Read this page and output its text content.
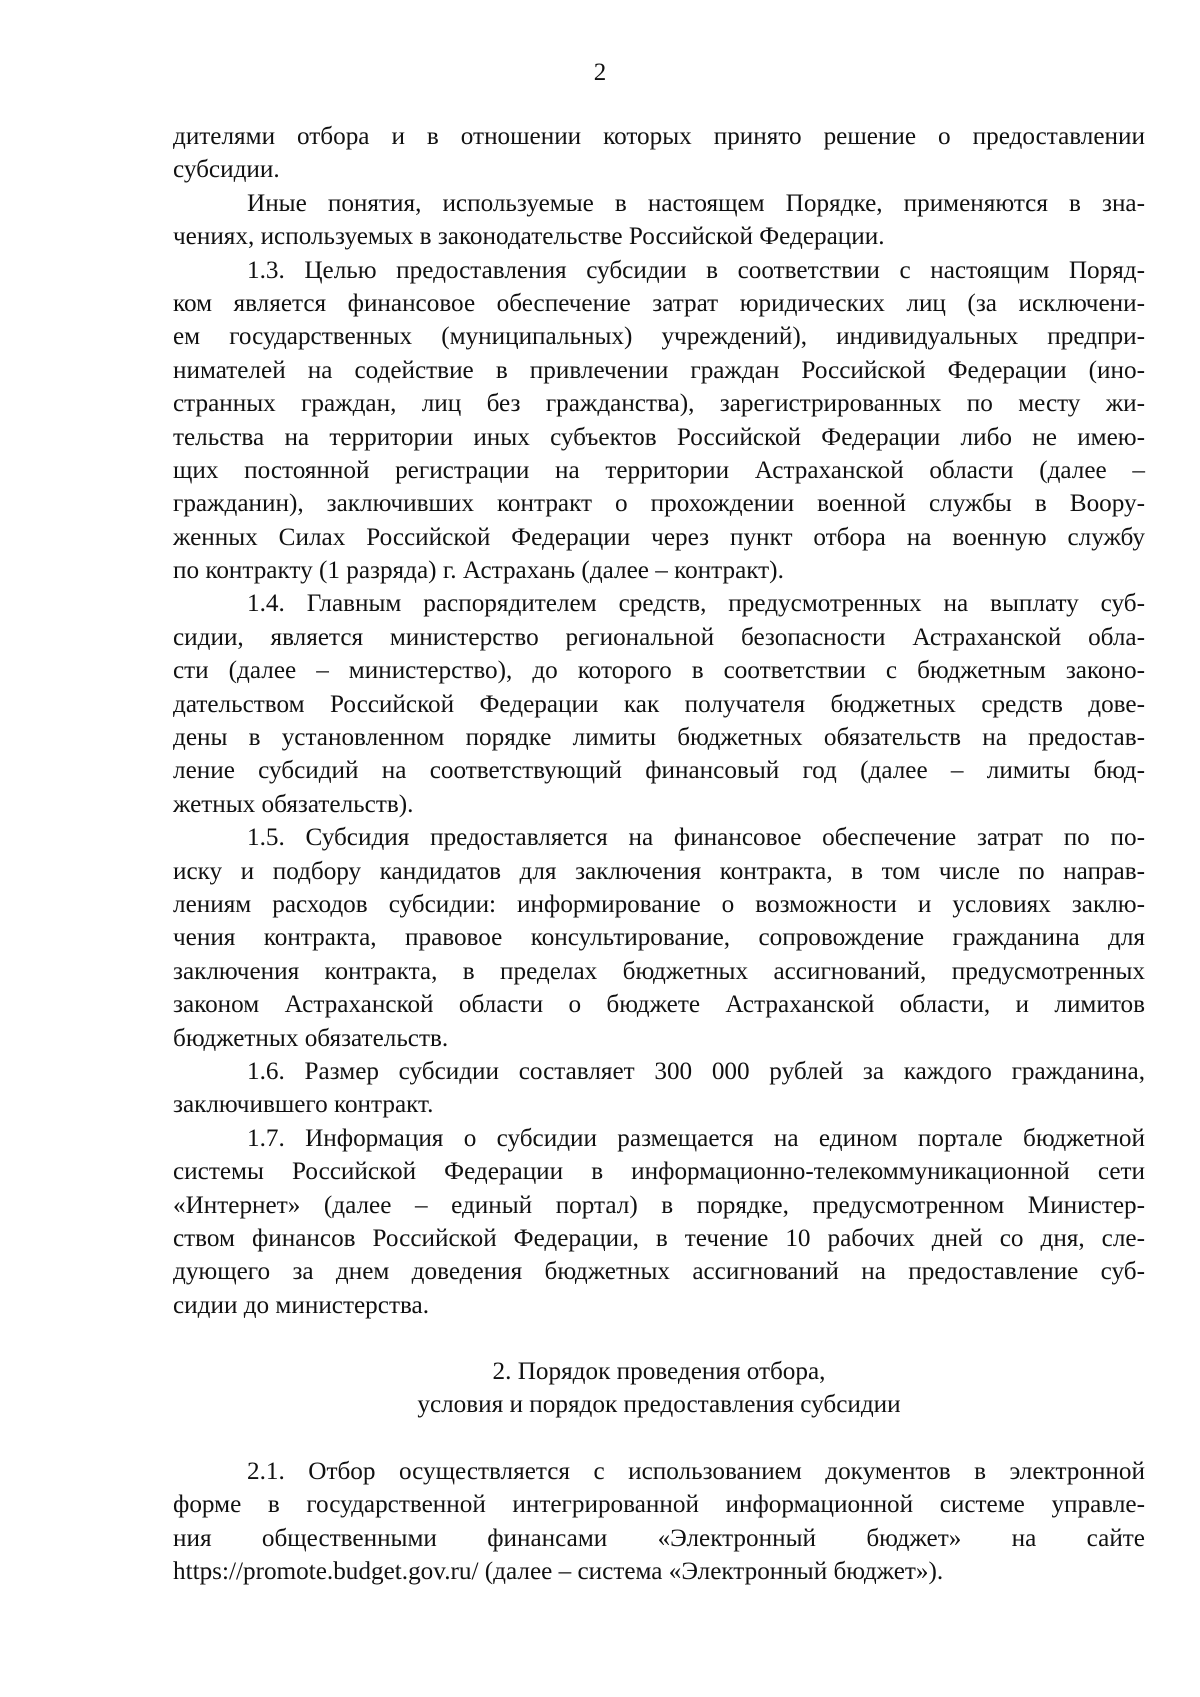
2
дителями отбора и в отношении которых принято решение о предоставлении
субсидии.
Иные понятия, используемые в настоящем Порядке, применяются в зна-
чениях, используемых в законодательстве Российской Федерации.
1.3. Целью предоставления субсидии в соответствии с настоящим Поряд-
ком является финансовое обеспечение затрат юридических лиц (за исключени-
ем государственных (муниципальных) учреждений), индивидуальных предпри-
нимателей на содействие в привлечении граждан Российской Федерации (ино-
странных граждан, лиц без гражданства), зарегистрированных по месту жи-
тельства на территории иных субъектов Российской Федерации либо не имею-
щих постоянной регистрации на территории Астраханской области (далее –
гражданин), заключивших контракт о прохождении военной службы в Воору-
женных Силах Российской Федерации через пункт отбора на военную службу
по контракту (1 разряда) г. Астрахань (далее – контракт).
1.4. Главным распорядителем средств, предусмотренных на выплату суб-
сидии, является министерство региональной безопасности Астраханской обла-
сти (далее – министерство), до которого в соответствии с бюджетным законо-
дательством Российской Федерации как получателя бюджетных средств дове-
дены в установленном порядке лимиты бюджетных обязательств на предостав-
ление субсидий на соответствующий финансовый год (далее – лимиты бюд-
жетных обязательств).
1.5. Субсидия предоставляется на финансовое обеспечение затрат по по-
иску и подбору кандидатов для заключения контракта, в том числе по направ-
лениям расходов субсидии: информирование о возможности и условиях заклю-
чения контракта, правовое консультирование, сопровождение гражданина для
заключения контракта, в пределах бюджетных ассигнований, предусмотренных
законом Астраханской области о бюджете Астраханской области, и лимитов
бюджетных обязательств.
1.6. Размер субсидии составляет 300 000 рублей за каждого гражданина,
заключившего контракт.
1.7. Информация о субсидии размещается на едином портале бюджетной
системы Российской Федерации в информационно-телекоммуникационной сети
«Интернет» (далее – единый портал) в порядке, предусмотренном Министер-
ством финансов Российской Федерации, в течение 10 рабочих дней со дня, сле-
дующего за днем доведения бюджетных ассигнований на предоставление суб-
сидии до министерства.
2. Порядок проведения отбора,
условия и порядок предоставления субсидии
2.1. Отбор осуществляется с использованием документов в электронной
форме в государственной интегрированной информационной системе управле-
ния общественными финансами «Электронный бюджет» на сайте
https://promote.budget.gov.ru/ (далее – система «Электронный бюджет»).
